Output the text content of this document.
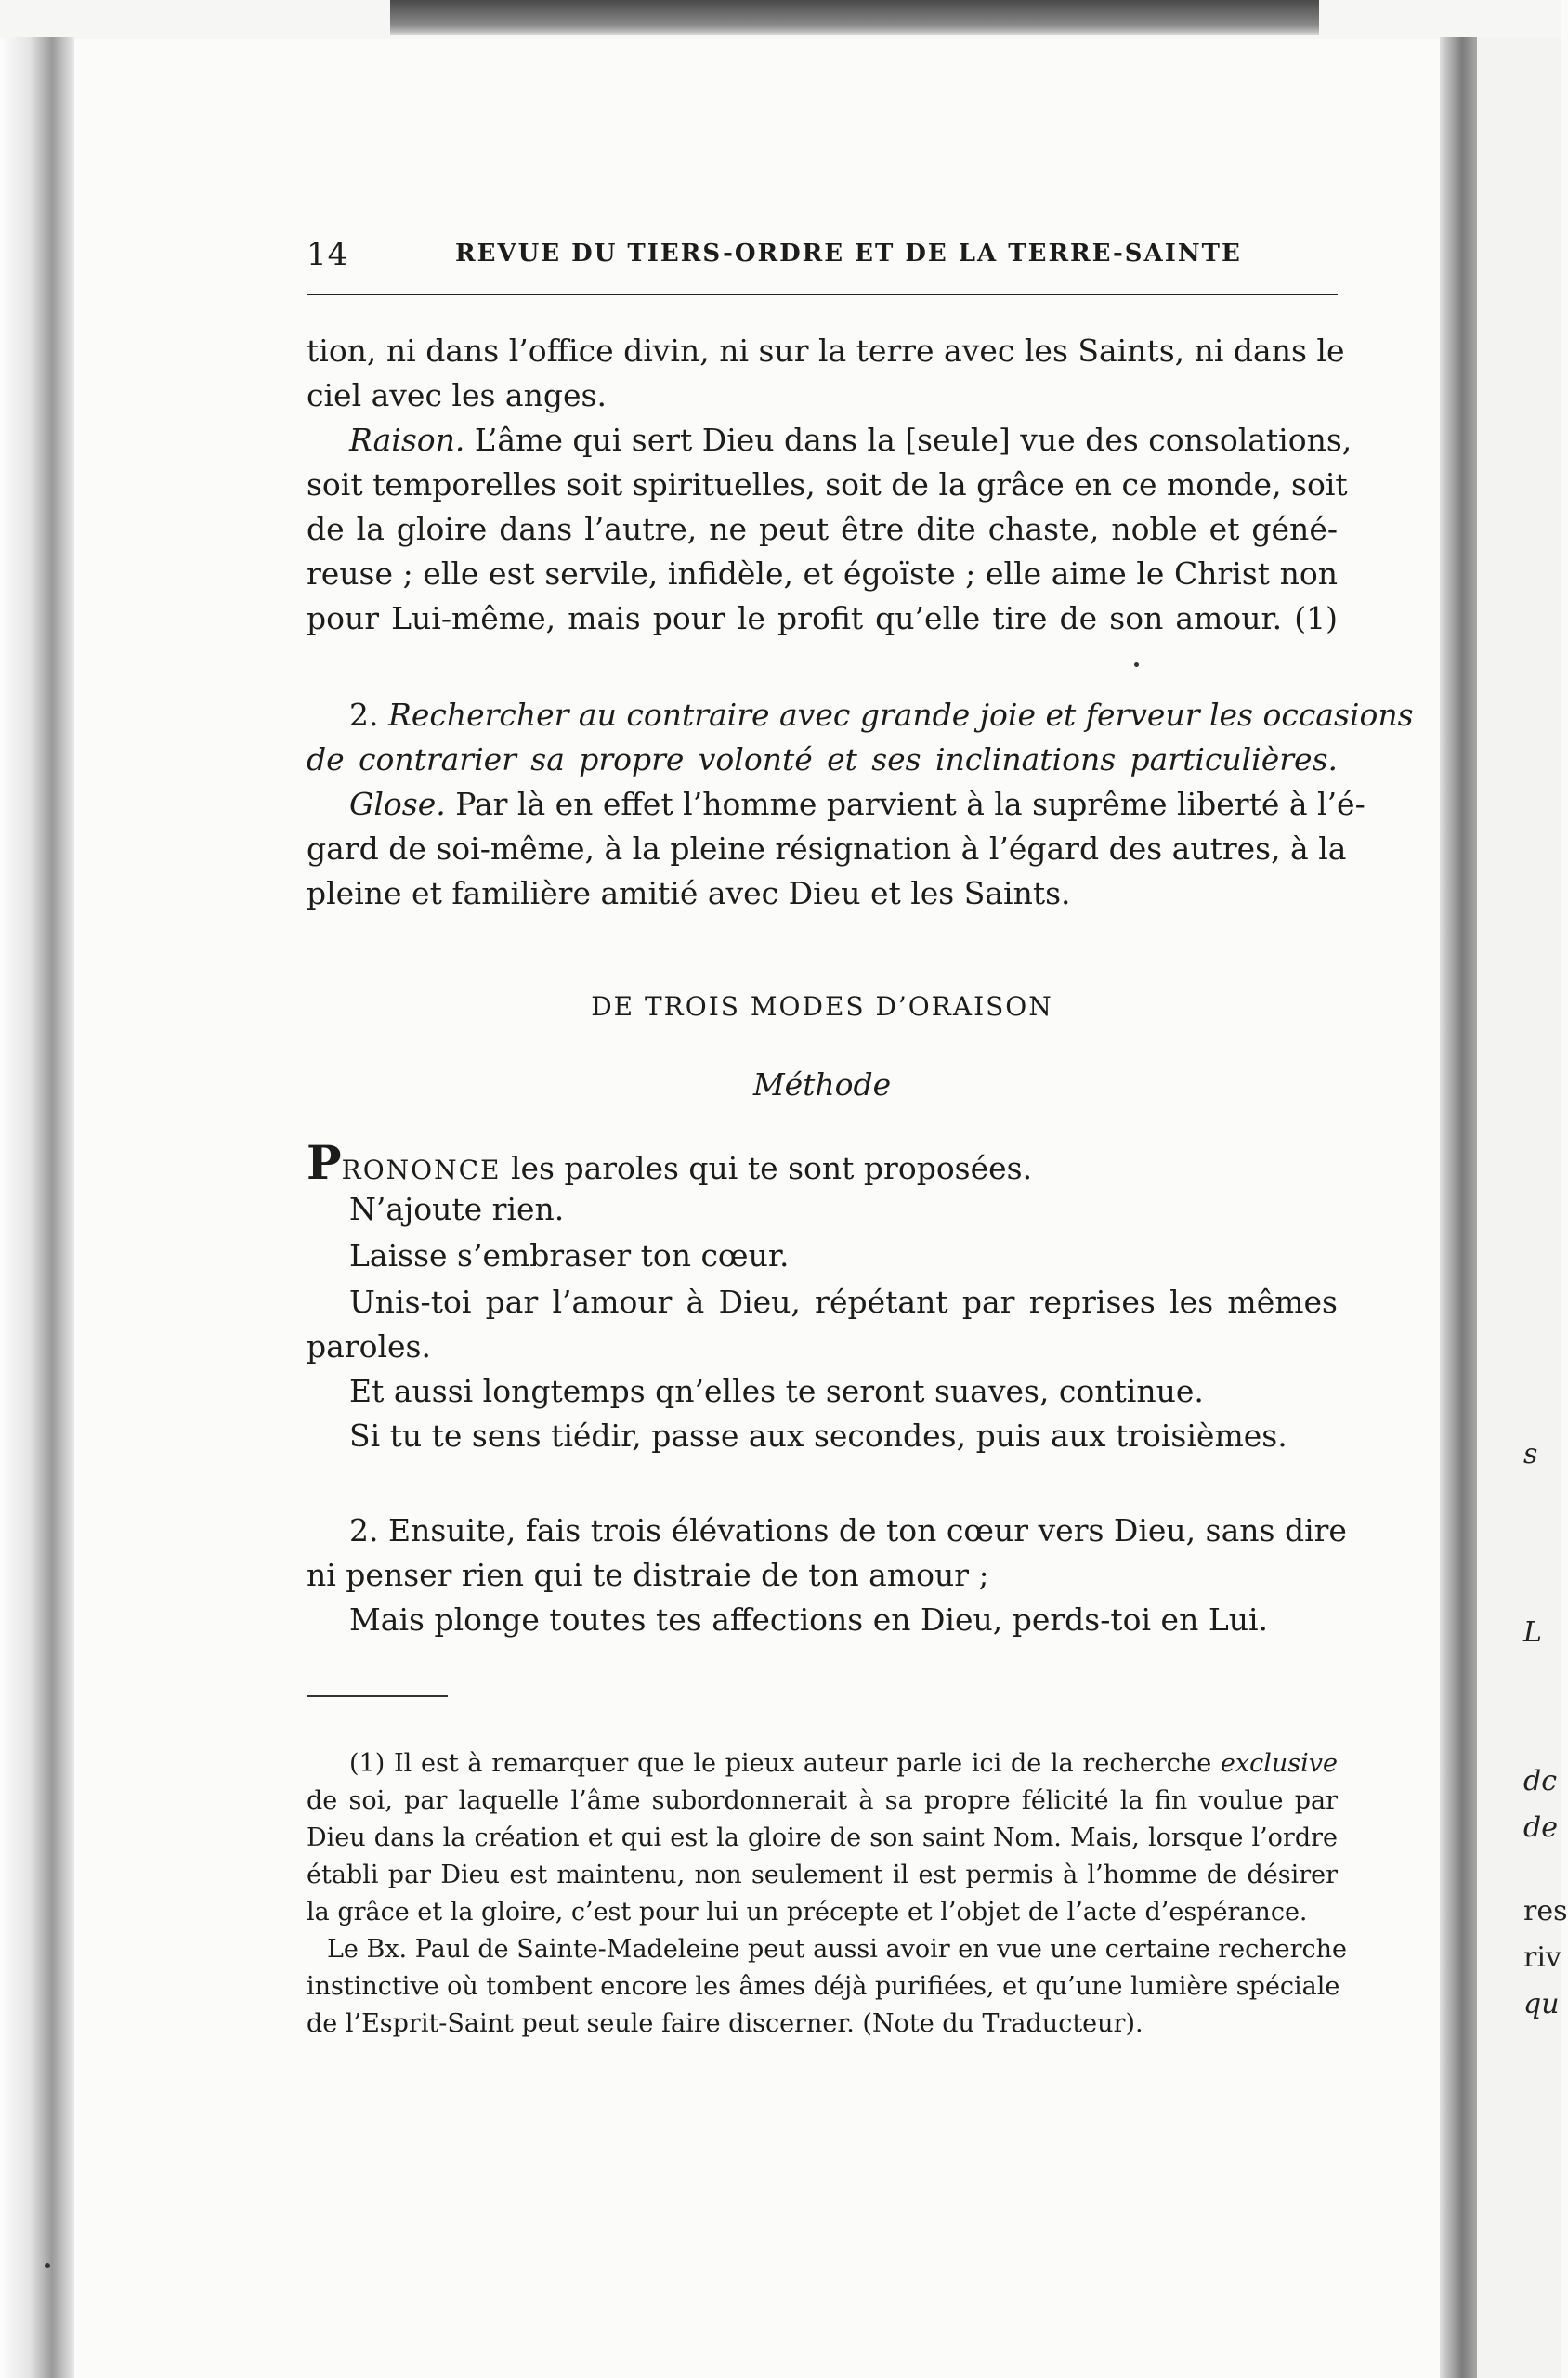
s
L
dc
de
res
riv
qu
14	REVUE DU TIERS-ORDRE ET DE LA TERRE-SAINTE
tion, ni dans l’office divin, ni sur la terre avec les Saints, ni dans le
ciel avec les anges.
Raison. L’âme qui sert Dieu dans la [seule] vue des consolations,
soit temporelles soit spirituelles, soit de la grâce en ce monde, soit
de la gloire dans l’autre, ne peut être dite chaste, noble et géné-
reuse ; elle est servile, infidèle, et égoïste ; elle aime le Christ non
pour Lui-même, mais pour le profit qu’elle tire de son amour. (1)
2. Rechercher au contraire avec grande joie et ferveur les occasions
de contrarier sa propre volonté et ses inclinations particulières.
Glose. Par là en effet l’homme parvient à la suprême liberté à l’é-
gard de soi-même, à la pleine résignation à l’égard des autres, à la
pleine et familière amitié avec Dieu et les Saints.
DE TROIS MODES D’ORAISON
Méthode
PRONONCE les paroles qui te sont proposées.
N’ajoute rien.
Laisse s’embraser ton cœur.
Unis-toi par l’amour à Dieu, répétant par reprises les mêmes
paroles.
Et aussi longtemps qn’elles te seront suaves, continue.
Si tu te sens tiédir, passe aux secondes, puis aux troisièmes.
2. Ensuite, fais trois élévations de ton cœur vers Dieu, sans dire
ni penser rien qui te distraie de ton amour ;
Mais plonge toutes tes affections en Dieu, perds-toi en Lui.
(1) Il est à remarquer que le pieux auteur parle ici de la recherche exclusive
de soi, par laquelle l’âme subordonnerait à sa propre félicité la fin voulue par
Dieu dans la création et qui est la gloire de son saint Nom. Mais, lorsque l’ordre
établi par Dieu est maintenu, non seulement il est permis à l’homme de désirer
la grâce et la gloire, c’est pour lui un précepte et l’objet de l’acte d’espérance.
Le Bx. Paul de Sainte-Madeleine peut aussi avoir en vue une certaine recherche
instinctive où tombent encore les âmes déjà purifiées, et qu’une lumière spéciale
de l’Esprit-Saint peut seule faire discerner. (Note du Traducteur).
